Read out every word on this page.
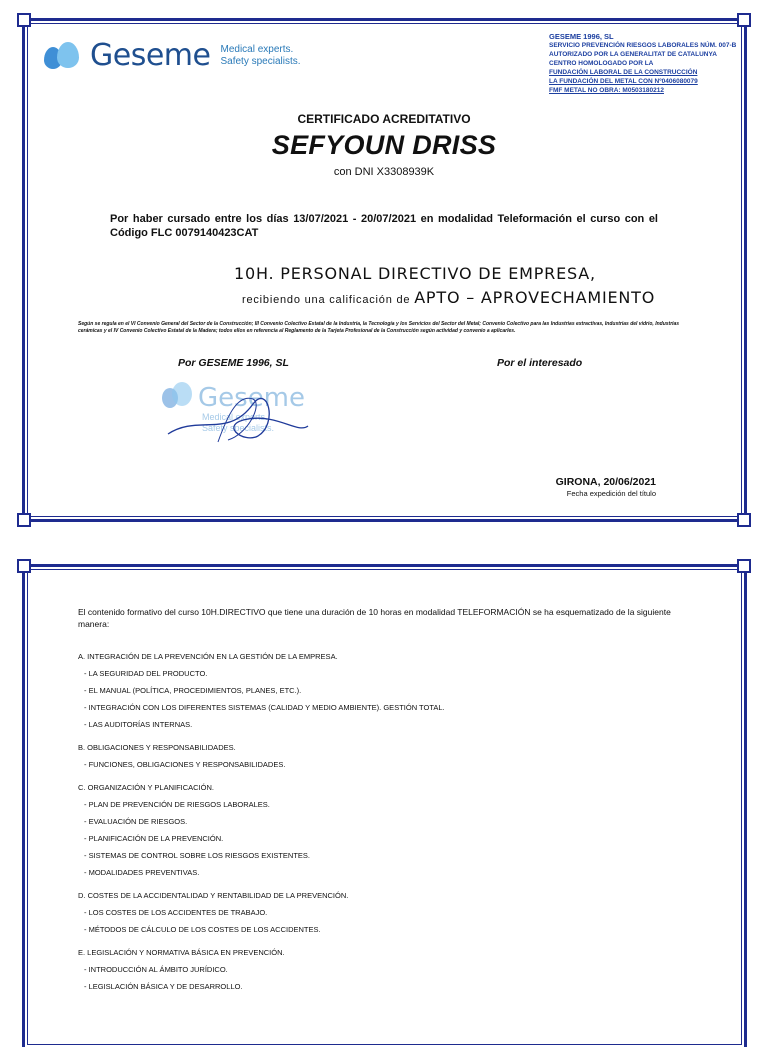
Geseme Medical experts.
Safety specialists.
GESEME 1996, SL
SERVICIO PREVENCIÓN RIESGOS LABORALES NÚM. 007-B
AUTORIZADO POR LA GENERALITAT DE CATALUNYA
CENTRO HOMOLOGADO POR LA
FUNDACIÓN LABORAL DE LA CONSTRUCCIÓN
LA FUNDACIÓN DEL METAL CON Nº0406080079
FMF METAL NO OBRA: M0503180212
CERTIFICADO ACREDITATIVO
SEFYOUN DRISS
con DNI X3308939K
Por haber cursado entre los días 13/07/2021 - 20/07/2021 en modalidad Teleformación el curso con el Código FLC 0079140423CAT
10H. PERSONAL DIRECTIVO DE EMPRESA,
recibiendo una calificación de APTO – APROVECHAMIENTO
Según se regula en el VI Convenio General del Sector de la Construcción; III Convenio Colectivo Estatal de la Industria, la Tecnología y los Servicios del Sector del Metal; Convenio Colectivo para las Industrias extractivas, Industrias del vidrio, Industrias cerámicas y el IV Convenio Colectivo Estatal de la Madera; todos ellos en referencia al Reglamento de la Tarjeta Profesional de la Construcción según actividad y convenio a aplicarles.
Por GESEME 1996, SL	Por el interesado
Geseme
Medical experts.
Safety specialists.
GIRONA, 20/06/2021
Fecha expedición del título
El contenido formativo del curso 10H.DIRECTIVO que tiene una duración de 10 horas en modalidad TELEFORMACIÓN se ha esquematizado de la siguiente manera:
A. INTEGRACIÓN DE LA PREVENCIÓN EN LA GESTIÓN DE LA EMPRESA.
- LA SEGURIDAD DEL PRODUCTO.
- EL MANUAL (POLÍTICA, PROCEDIMIENTOS, PLANES, ETC.).
- INTEGRACIÓN CON LOS DIFERENTES SISTEMAS (CALIDAD Y MEDIO AMBIENTE). GESTIÓN TOTAL.
- LAS AUDITORÍAS INTERNAS.
B. OBLIGACIONES Y RESPONSABILIDADES.
- FUNCIONES, OBLIGACIONES Y RESPONSABILIDADES.
C. ORGANIZACIÓN Y PLANIFICACIÓN.
- PLAN DE PREVENCIÓN DE RIESGOS LABORALES.
- EVALUACIÓN DE RIESGOS.
- PLANIFICACIÓN DE LA PREVENCIÓN.
- SISTEMAS DE CONTROL SOBRE LOS RIESGOS EXISTENTES.
- MODALIDADES PREVENTIVAS.
D. COSTES DE LA ACCIDENTALIDAD Y RENTABILIDAD DE LA PREVENCIÓN.
- LOS COSTES DE LOS ACCIDENTES DE TRABAJO.
- MÉTODOS DE CÁLCULO DE LOS COSTES DE LOS ACCIDENTES.
E. LEGISLACIÓN Y NORMATIVA BÁSICA EN PREVENCIÓN.
- INTRODUCCIÓN AL ÁMBITO JURÍDICO.
- LEGISLACIÓN BÁSICA Y DE DESARROLLO.
